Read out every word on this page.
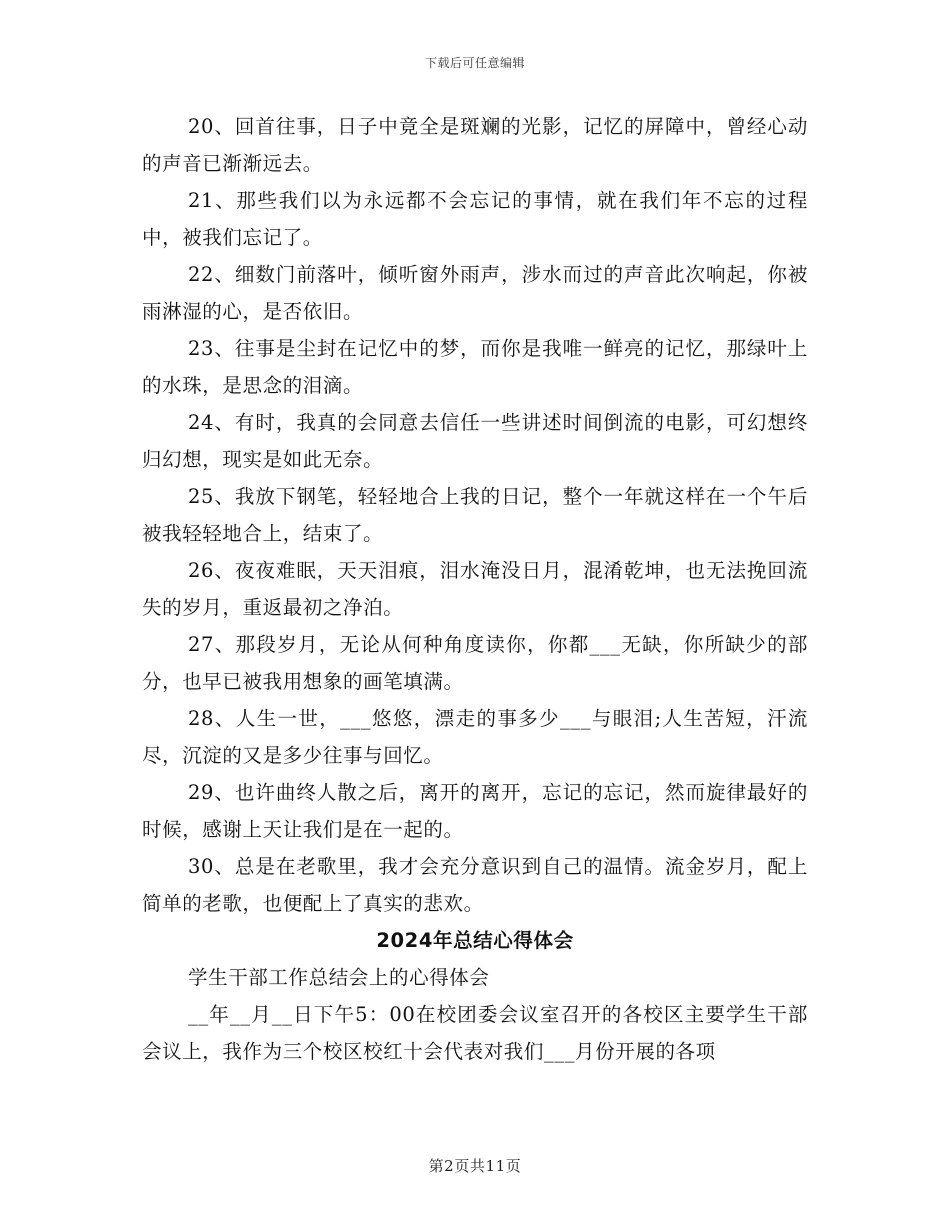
下载后可任意编辑

20、回首往事，日子中竟全是斑斓的光影，记忆的屏障中，曾经心动的声音已渐渐远去。

21、那些我们以为永远都不会忘记的事情，就在我们年不忘的过程中，被我们忘记了。

22、细数门前落叶，倾听窗外雨声，涉水而过的声音此次响起，你被雨淋湿的心，是否依旧。

23、往事是尘封在记忆中的梦，而你是我唯一鲜亮的记忆，那绿叶上的水珠，是思念的泪滴。

24、有时，我真的会同意去信任一些讲述时间倒流的电影，可幻想终归幻想，现实是如此无奈。

25、我放下钢笔，轻轻地合上我的日记，整个一年就这样在一个午后被我轻轻地合上，结束了。

26、夜夜难眠，天天泪痕，泪水淹没日月，混淆乾坤，也无法挽回流失的岁月，重返最初之净泊。

27、那段岁月，无论从何种角度读你，你都___无缺，你所缺少的部分，也早已被我用想象的画笔填满。

28、人生一世，___悠悠，漂走的事多少___与眼泪;人生苦短，汗流尽，沉淀的又是多少往事与回忆。

29、也许曲终人散之后，离开的离开，忘记的忘记，然而旋律最好的时候，感谢上天让我们是在一起的。

30、总是在老歌里，我才会充分意识到自己的温情。流金岁月，配上简单的老歌，也便配上了真实的悲欢。

2024年总结心得体会

学生干部工作总结会上的心得体会

__年__月__日下午5：00在校团委会议室召开的各校区主要学生干部会议上，我作为三个校区校红十会代表对我们___月份开展的各项

第2页共11页
